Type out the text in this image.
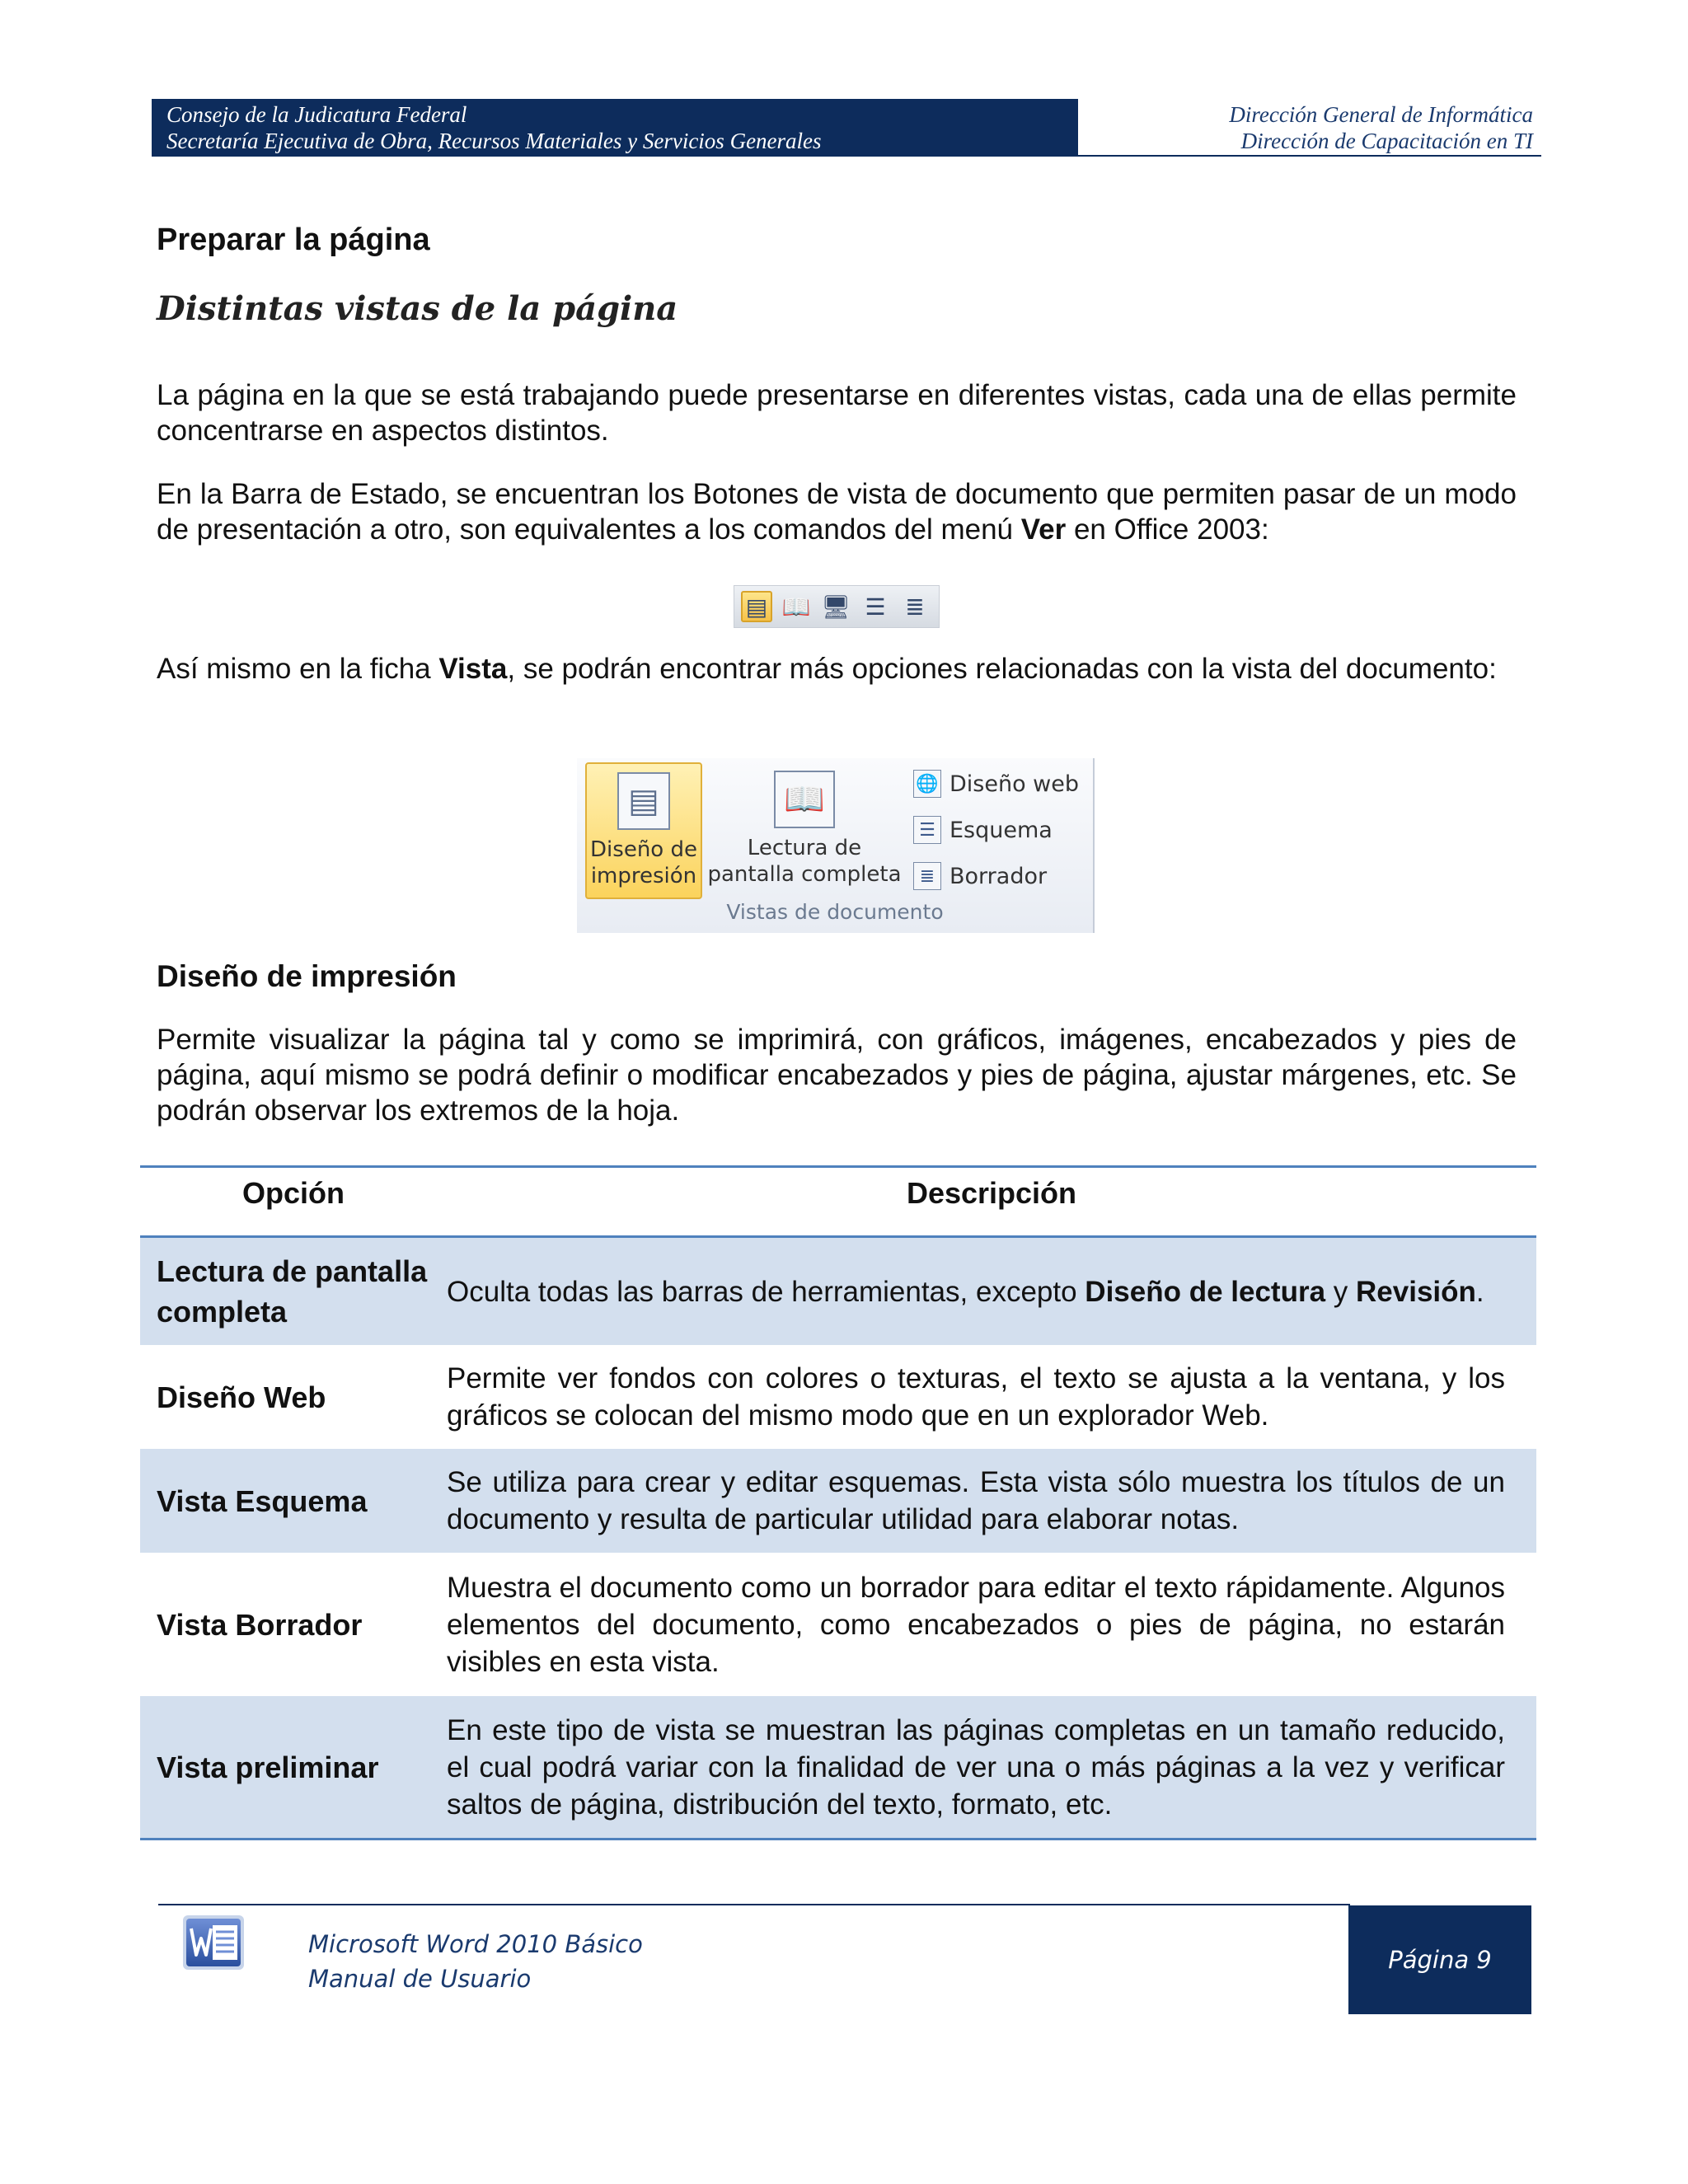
Consejo de la Judicatura Federal
Secretaría Ejecutiva de Obra, Recursos Materiales y Servicios Generales
Dirección General de Informática
Dirección de Capacitación en TI
Preparar la página
Distintas vistas de la página

La página en la que se está trabajando puede presentarse en diferentes vistas, cada una de ellas permite concentrarse en aspectos distintos.

En la Barra de Estado, se encuentran los Botones de vista de documento que permiten pasar de un modo de presentación a otro, son equivalentes a los comandos del menú Ver en Office 2003:

▤ 📖 🖥 ☰ ≣

Así mismo en la ficha Vista, se podrán encontrar más opciones relacionadas con la vista del documento:

▤
Diseño de
impresión
📖
Lectura de
pantalla completa
🌐 Diseño web
☰ Esquema
≣ Borrador
Vistas de documento
Diseño de impresión

Permite visualizar la página tal y como se imprimirá, con gráficos, imágenes, encabezados y pies de página, aquí mismo se podrá definir o modificar encabezados y pies de página, ajustar márgenes, etc. Se podrán observar los extremos de la hoja.

Opción	Descripción
Lectura de pantalla completa
Oculta todas las barras de herramientas, excepto Diseño de lectura y Revisión.
Diseño Web
Permite ver fondos con colores o texturas, el texto se ajusta a la ventana, y los gráficos se colocan del mismo modo que en un explorador Web.
Vista Esquema
Se utiliza para crear y editar esquemas. Esta vista sólo muestra los títulos de un documento y resulta de particular utilidad para elaborar notas.
Vista Borrador
Muestra el documento como un borrador para editar el texto rápidamente. Algunos elementos del documento, como encabezados o pies de página, no estarán visibles en esta vista.
Vista preliminar
En este tipo de vista se muestran las páginas completas en un tamaño reducido, el cual podrá variar con la finalidad de ver una o más páginas a la vez y verificar saltos de página, distribución del texto, formato, etc.
Microsoft Word 2010 Básico
Manual de Usuario
Página 9
